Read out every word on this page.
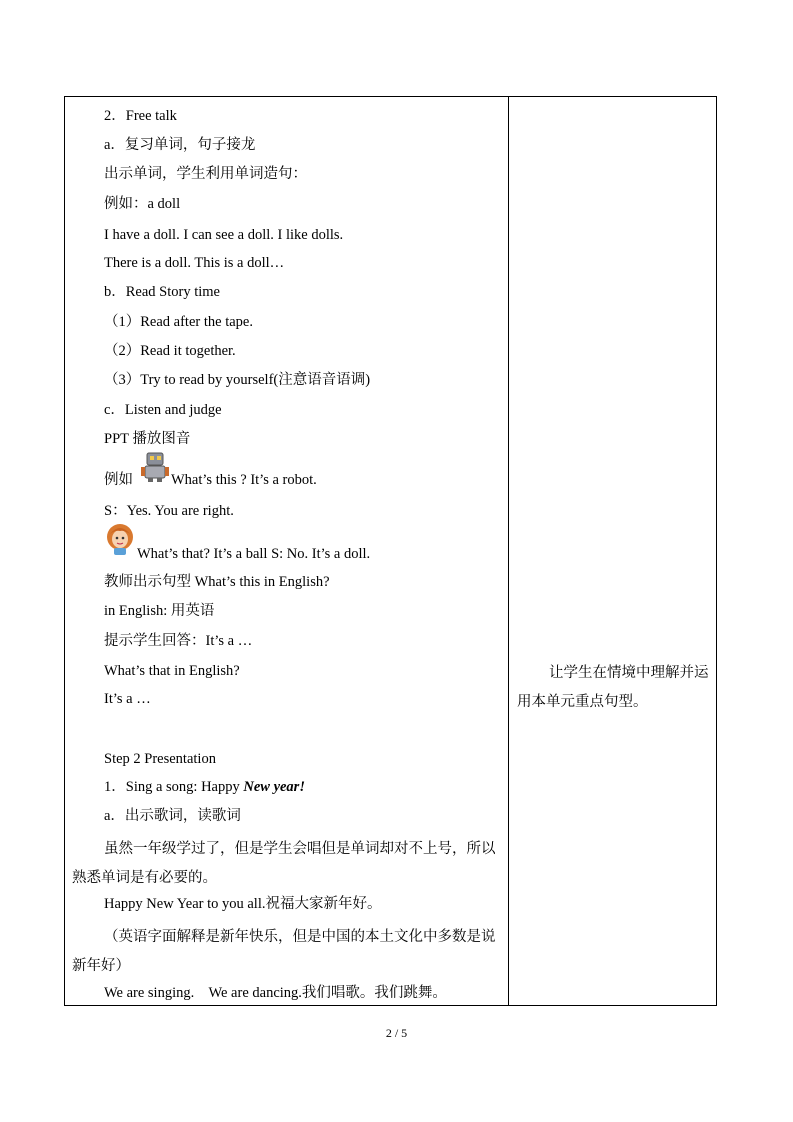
2．Free talk
a．复习单词，句子接龙
出示单词，学生利用单词造句：
例如：a doll
I have a doll. I can see a doll. I like dolls.
There is a doll. This is a doll…
b．Read Story time
（1）Read after the tape.
（2）Read it together.
（3）Try to read by yourself(注意语音语调)
c．Listen and judge
PPT 播放图音
例如	What’s this ? It’s a robot.
S：Yes. You are right.
What’s that? It’s a ball S: No. It’s a doll.
教师出示句型 What’s this in English?
in English: 用英语
提示学生回答：It’s a …
What’s that in English?
It’s a …
Step 2 Presentation
1．Sing a song: Happy New year!
a．出示歌词，读歌词
虽然一年级学过了，但是学生会唱但是单词却对不上号，所以熟悉单词是有必要的。
Happy New Year to you all.祝福大家新年好。
（英语字面解释是新年快乐，但是中国的本土文化中多数是说新年好）
We are singing.    We are dancing.我们唱歌。我们跳舞。
让学生在情境中理解并运用本单元重点句型。
2 / 5
